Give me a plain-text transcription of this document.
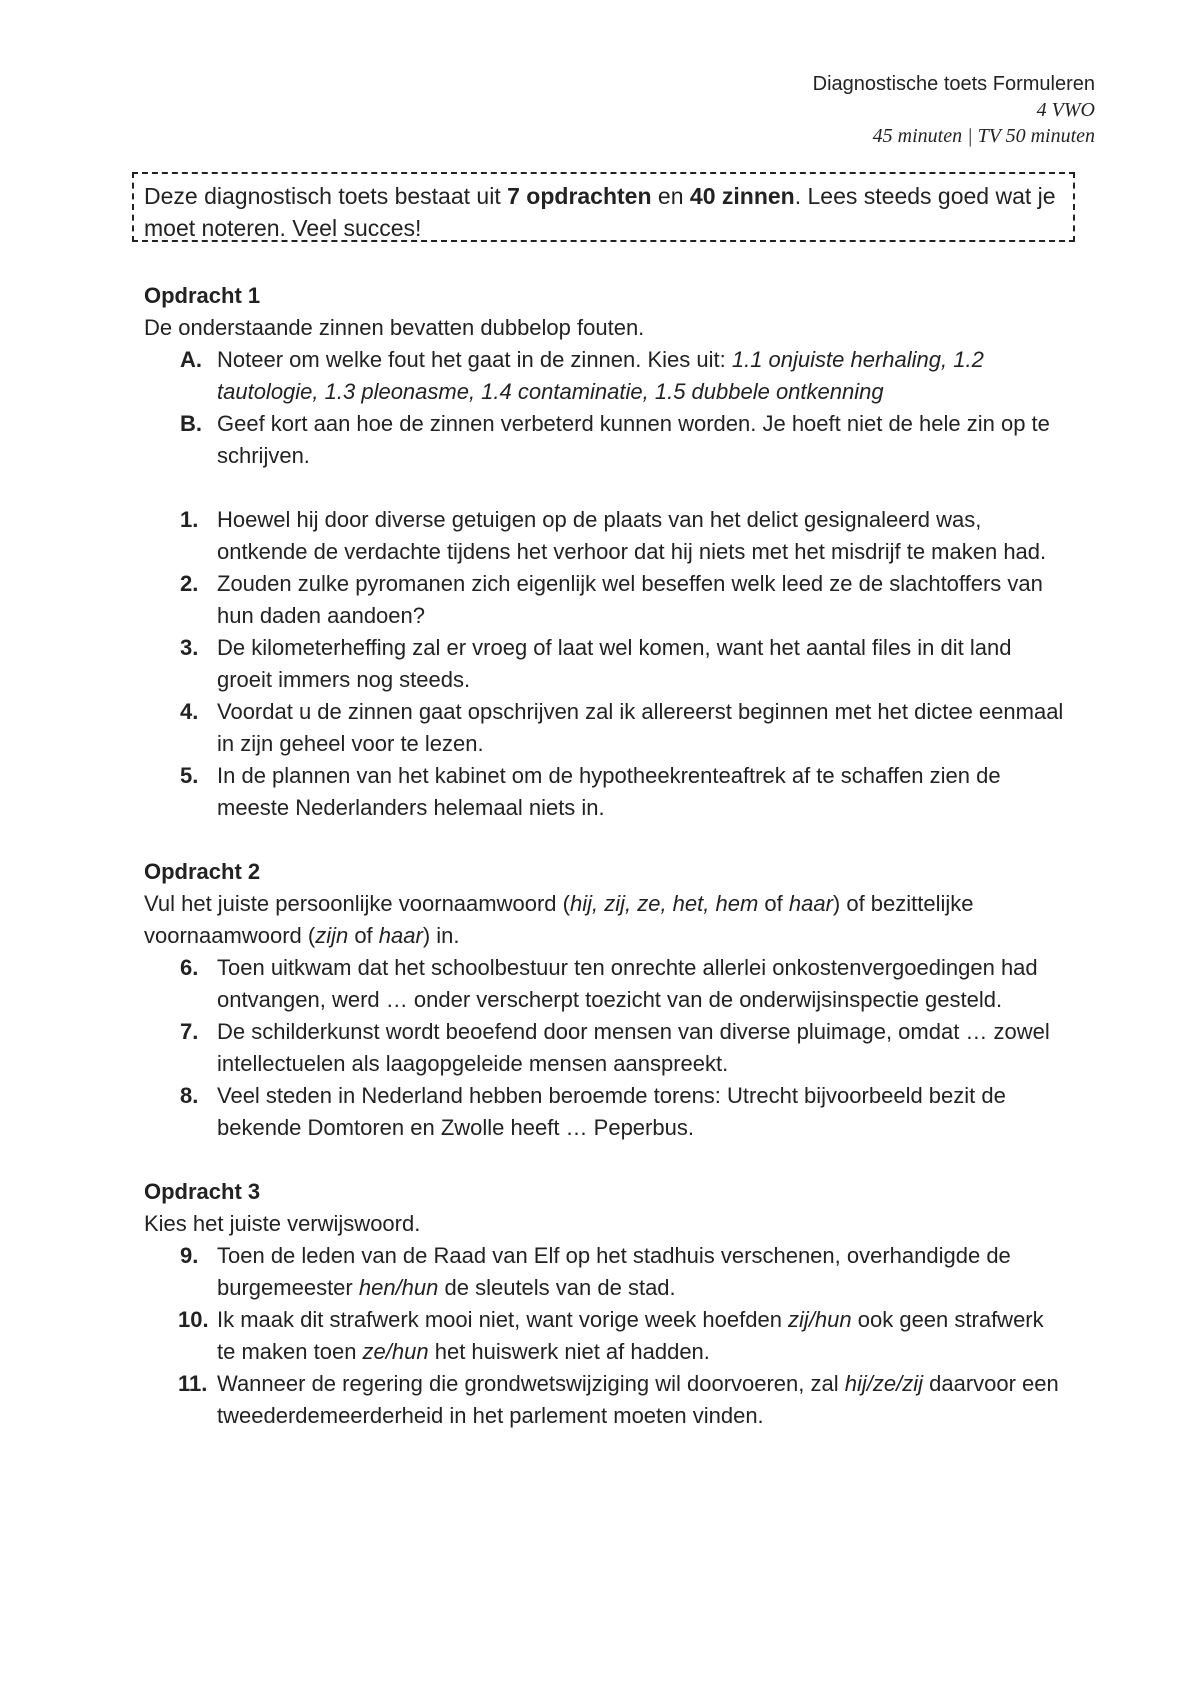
Diagnostische toets Formuleren
4 VWO
45 minuten | TV 50 minuten
Deze diagnostisch toets bestaat uit 7 opdrachten en 40 zinnen. Lees steeds goed wat je moet noteren. Veel succes!
Opdracht 1
De onderstaande zinnen bevatten dubbelop fouten.
A. Noteer om welke fout het gaat in de zinnen. Kies uit: 1.1 onjuiste herhaling, 1.2 tautologie, 1.3 pleonasme, 1.4 contaminatie, 1.5 dubbele ontkenning
B. Geef kort aan hoe de zinnen verbeterd kunnen worden. Je hoeft niet de hele zin op te schrijven.
1. Hoewel hij door diverse getuigen op de plaats van het delict gesignaleerd was, ontkende de verdachte tijdens het verhoor dat hij niets met het misdrijf te maken had.
2. Zouden zulke pyromanen zich eigenlijk wel beseffen welk leed ze de slachtoffers van hun daden aandoen?
3. De kilometerheffing zal er vroeg of laat wel komen, want het aantal files in dit land groeit immers nog steeds.
4. Voordat u de zinnen gaat opschrijven zal ik allereerst beginnen met het dictee eenmaal in zijn geheel voor te lezen.
5. In de plannen van het kabinet om de hypotheekrenteaftrek af te schaffen zien de meeste Nederlanders helemaal niets in.
Opdracht 2
Vul het juiste persoonlijke voornaamwoord (hij, zij, ze, het, hem of haar) of bezittelijke voornaamwoord (zijn of haar) in.
6. Toen uitkwam dat het schoolbestuur ten onrechte allerlei onkostenvergoedingen had ontvangen, werd … onder verscherpt toezicht van de onderwijsinspectie gesteld.
7. De schilderkunst wordt beoefend door mensen van diverse pluimage, omdat … zowel intellectuelen als laagopgeleide mensen aanspreekt.
8. Veel steden in Nederland hebben beroemde torens: Utrecht bijvoorbeeld bezit de bekende Domtoren en Zwolle heeft … Peperbus.
Opdracht 3
Kies het juiste verwijswoord.
9. Toen de leden van de Raad van Elf op het stadhuis verschenen, overhandigde de burgemeester hen/hun de sleutels van de stad.
10. Ik maak dit strafwerk mooi niet, want vorige week hoefden zij/hun ook geen strafwerk te maken toen ze/hun het huiswerk niet af hadden.
11. Wanneer de regering die grondwetswijziging wil doorvoeren, zal hij/ze/zij daarvoor een tweederdemeerderheid in het parlement moeten vinden.
